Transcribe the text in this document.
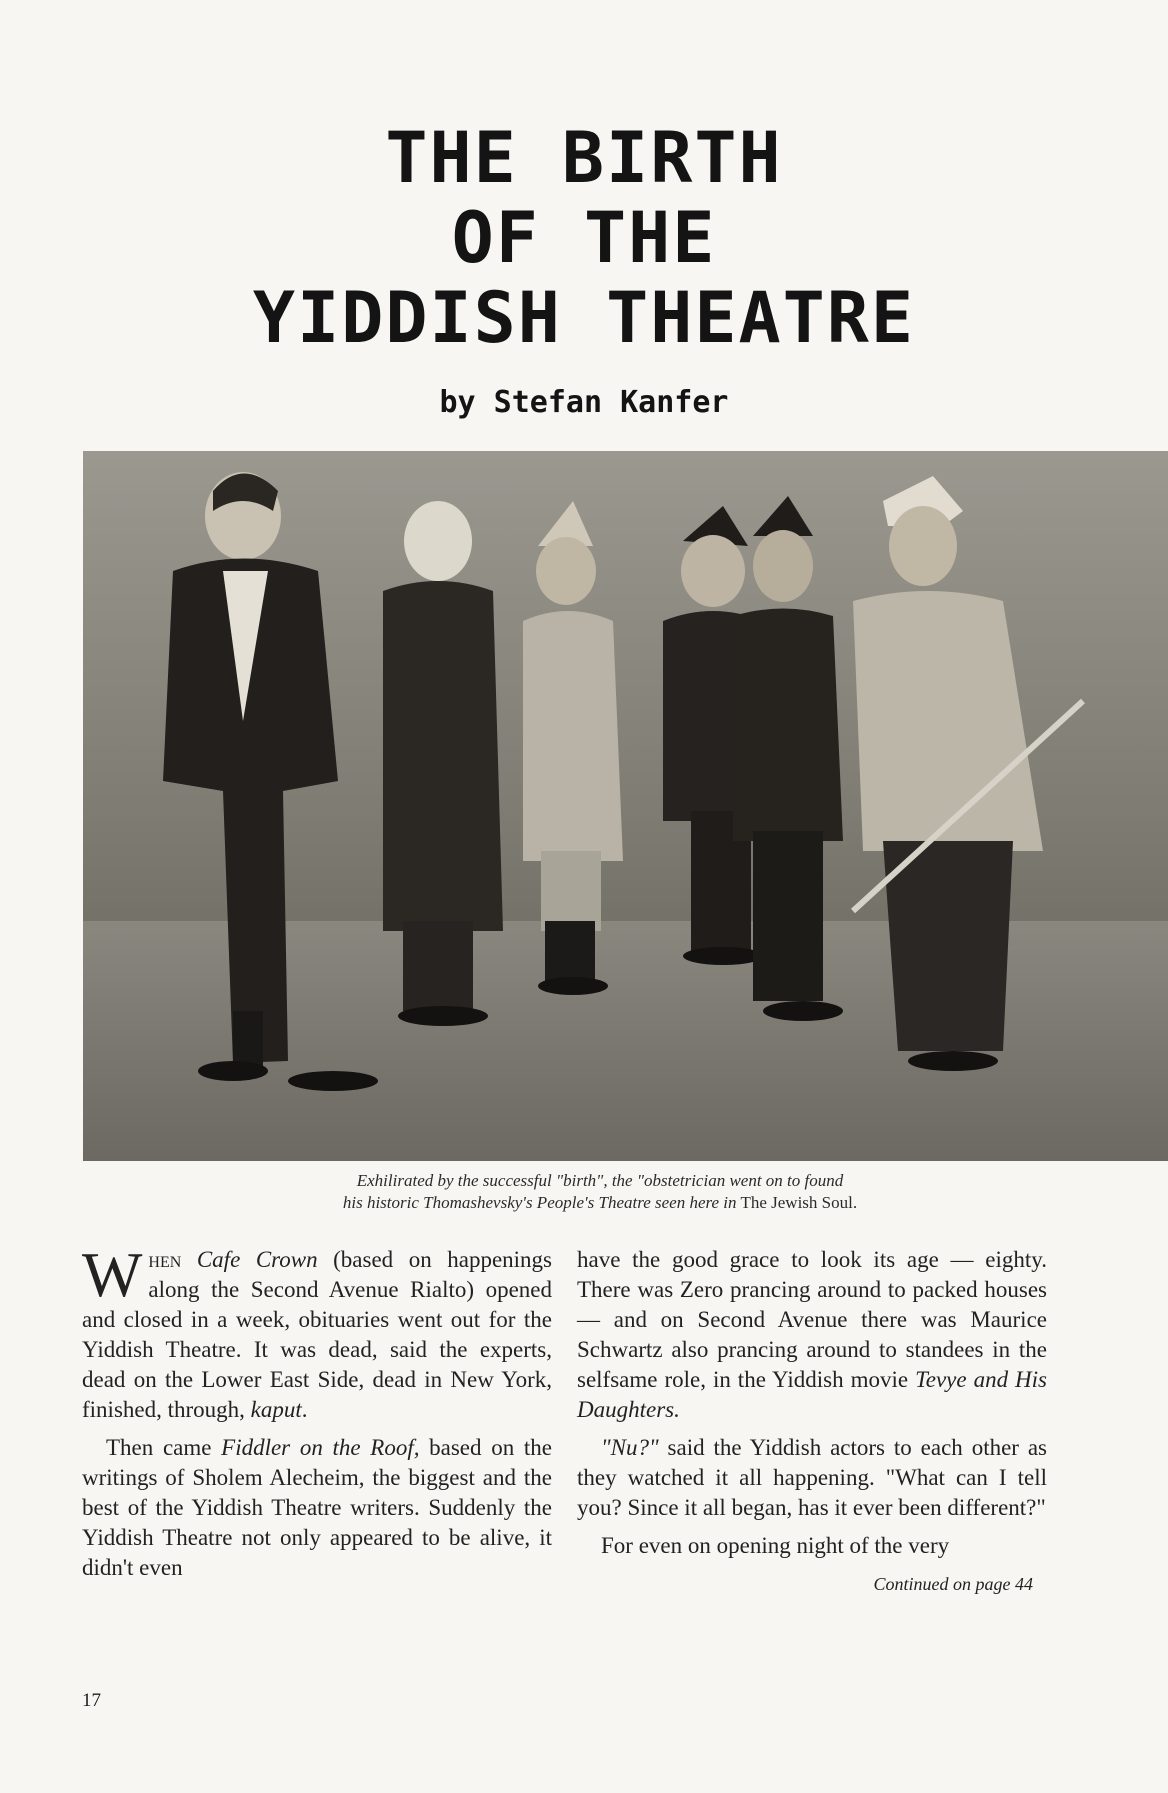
THE BIRTH
OF THE
YIDDISH THEATRE
by Stefan Kanfer
Exhilirated by the successful "birth", the "obstetrician went on to found
his historic Thomashevsky's People's Theatre seen here in The Jewish Soul.

When Cafe Crown (based on happenings along the Second Avenue Rialto) opened and closed in a week, obituaries went out for the Yiddish Theatre. It was dead, said the experts, dead on the Lower East Side, dead in New York, finished, through, kaput.

Then came Fiddler on the Roof, based on the writings of Sholem Alecheim, the biggest and the best of the Yiddish Theatre writers. Suddenly the Yiddish Theatre not only appeared to be alive, it didn't even

have the good grace to look its age — eighty. There was Zero prancing around to packed houses — and on Second Avenue there was Maurice Schwartz also prancing around to standees in the selfsame role, in the Yiddish movie Tevye and His Daughters.

"Nu?" said the Yiddish actors to each other as they watched it all happening. "What can I tell you? Since it all began, has it ever been different?"

For even on opening night of the very

Continued on page 44
17
